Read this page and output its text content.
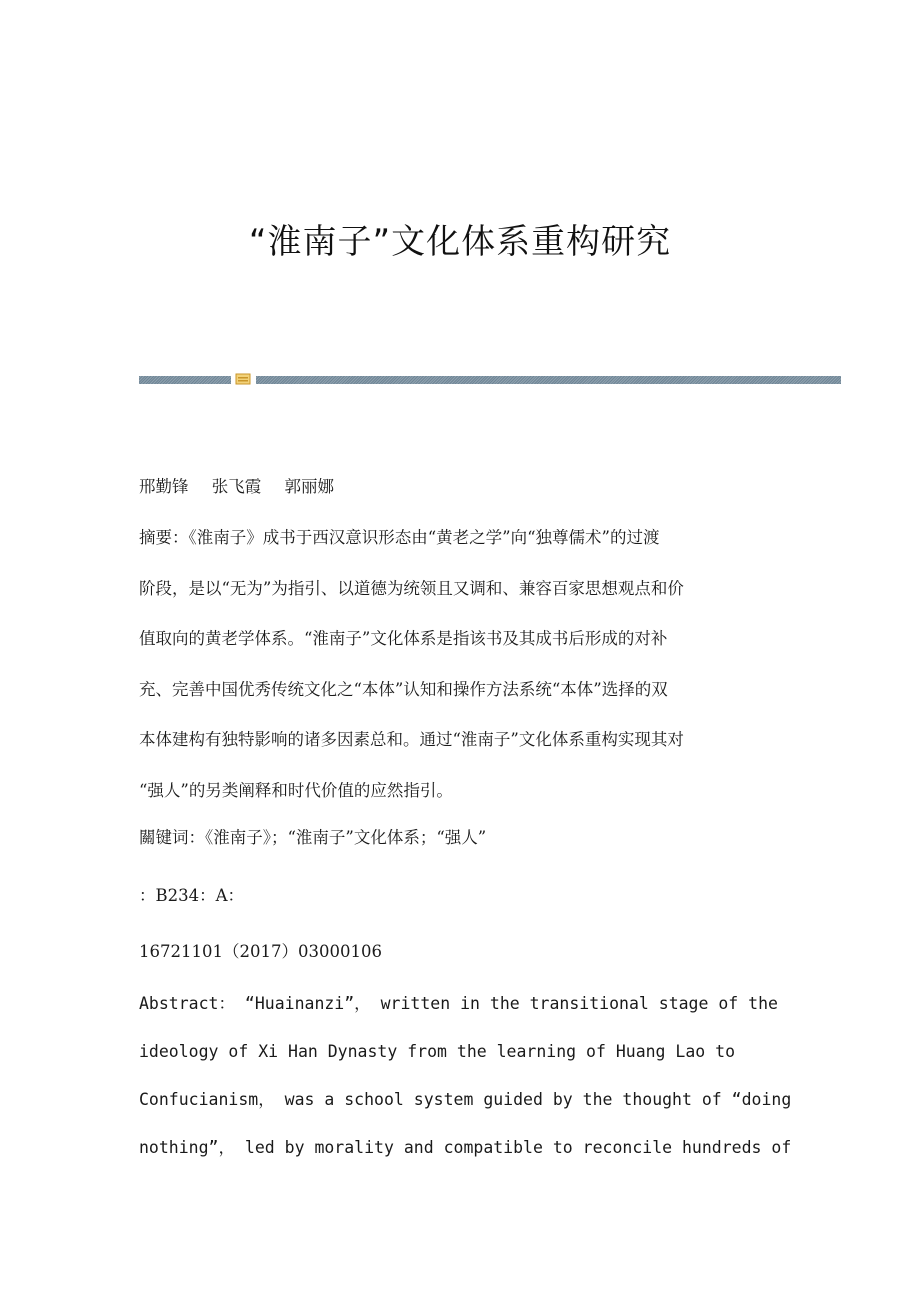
“淮南子”文化体系重构研究
邢勤锋 张飞霞 郭丽娜
摘要：《淮南子》成书于西汉意识形态由“黄老之学”向“独尊儒术”的过渡
阶段，是以“无为”为指引、以道德为统领且又调和、兼容百家思想观点和价
值取向的黄老学体系。“淮南子”文化体系是指该书及其成书后形成的对补
充、完善中国优秀传统文化之“本体”认知和操作方法系统“本体”选择的双
本体建构有独特影响的诸多因素总和。通过“淮南子”文化体系重构实现其对
“强人”的另类阐释和时代价值的应然指引。
關键词：《淮南子》；“淮南子”文化体系；“强人”
：B234：A：
16721101（2017）03000106
Abstract： “Huainanzi”， written in the transitional stage of the
ideology of Xi Han Dynasty from the learning of Huang Lao to
Confucianism， was a school system guided by the thought of “doing
nothing”， led by morality and compatible to reconcile hundreds of
